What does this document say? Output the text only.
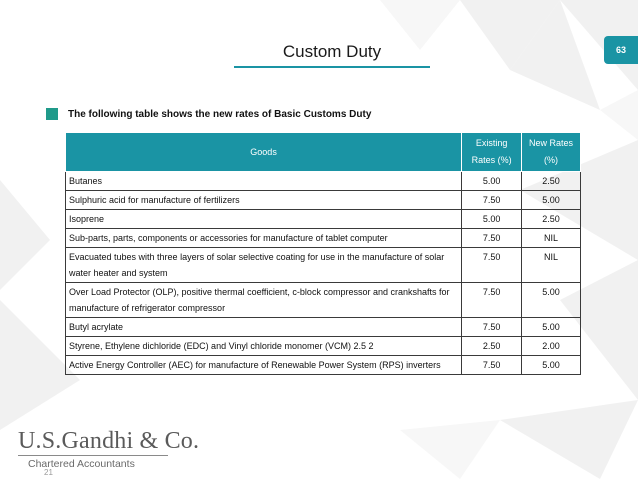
Custom Duty	63
The following table shows the new rates of Basic Customs Duty
Goods	Existing Rates (%)	New Rates (%)
Butanes	5.00	2.50
Sulphuric acid for manufacture of fertilizers	7.50	5.00
Isoprene	5.00	2.50
Sub-parts, parts, components or accessories for manufacture of tablet computer	7.50	NIL
Evacuated tubes with three layers of solar selective coating for use in the manufacture of solar water heater and system	7.50	NIL
Over Load Protector (OLP), positive thermal coefficient, c-block compressor and crankshafts for manufacture of refrigerator compressor	7.50	5.00
Butyl acrylate	7.50	5.00
Styrene, Ethylene dichloride (EDC) and Vinyl chloride monomer (VCM) 2.5 2	2.50	2.00
Active Energy Controller (AEC) for manufacture of Renewable Power System (RPS) inverters	7.50	5.00
U.S.Gandhi & Co.
Chartered Accountants
21
